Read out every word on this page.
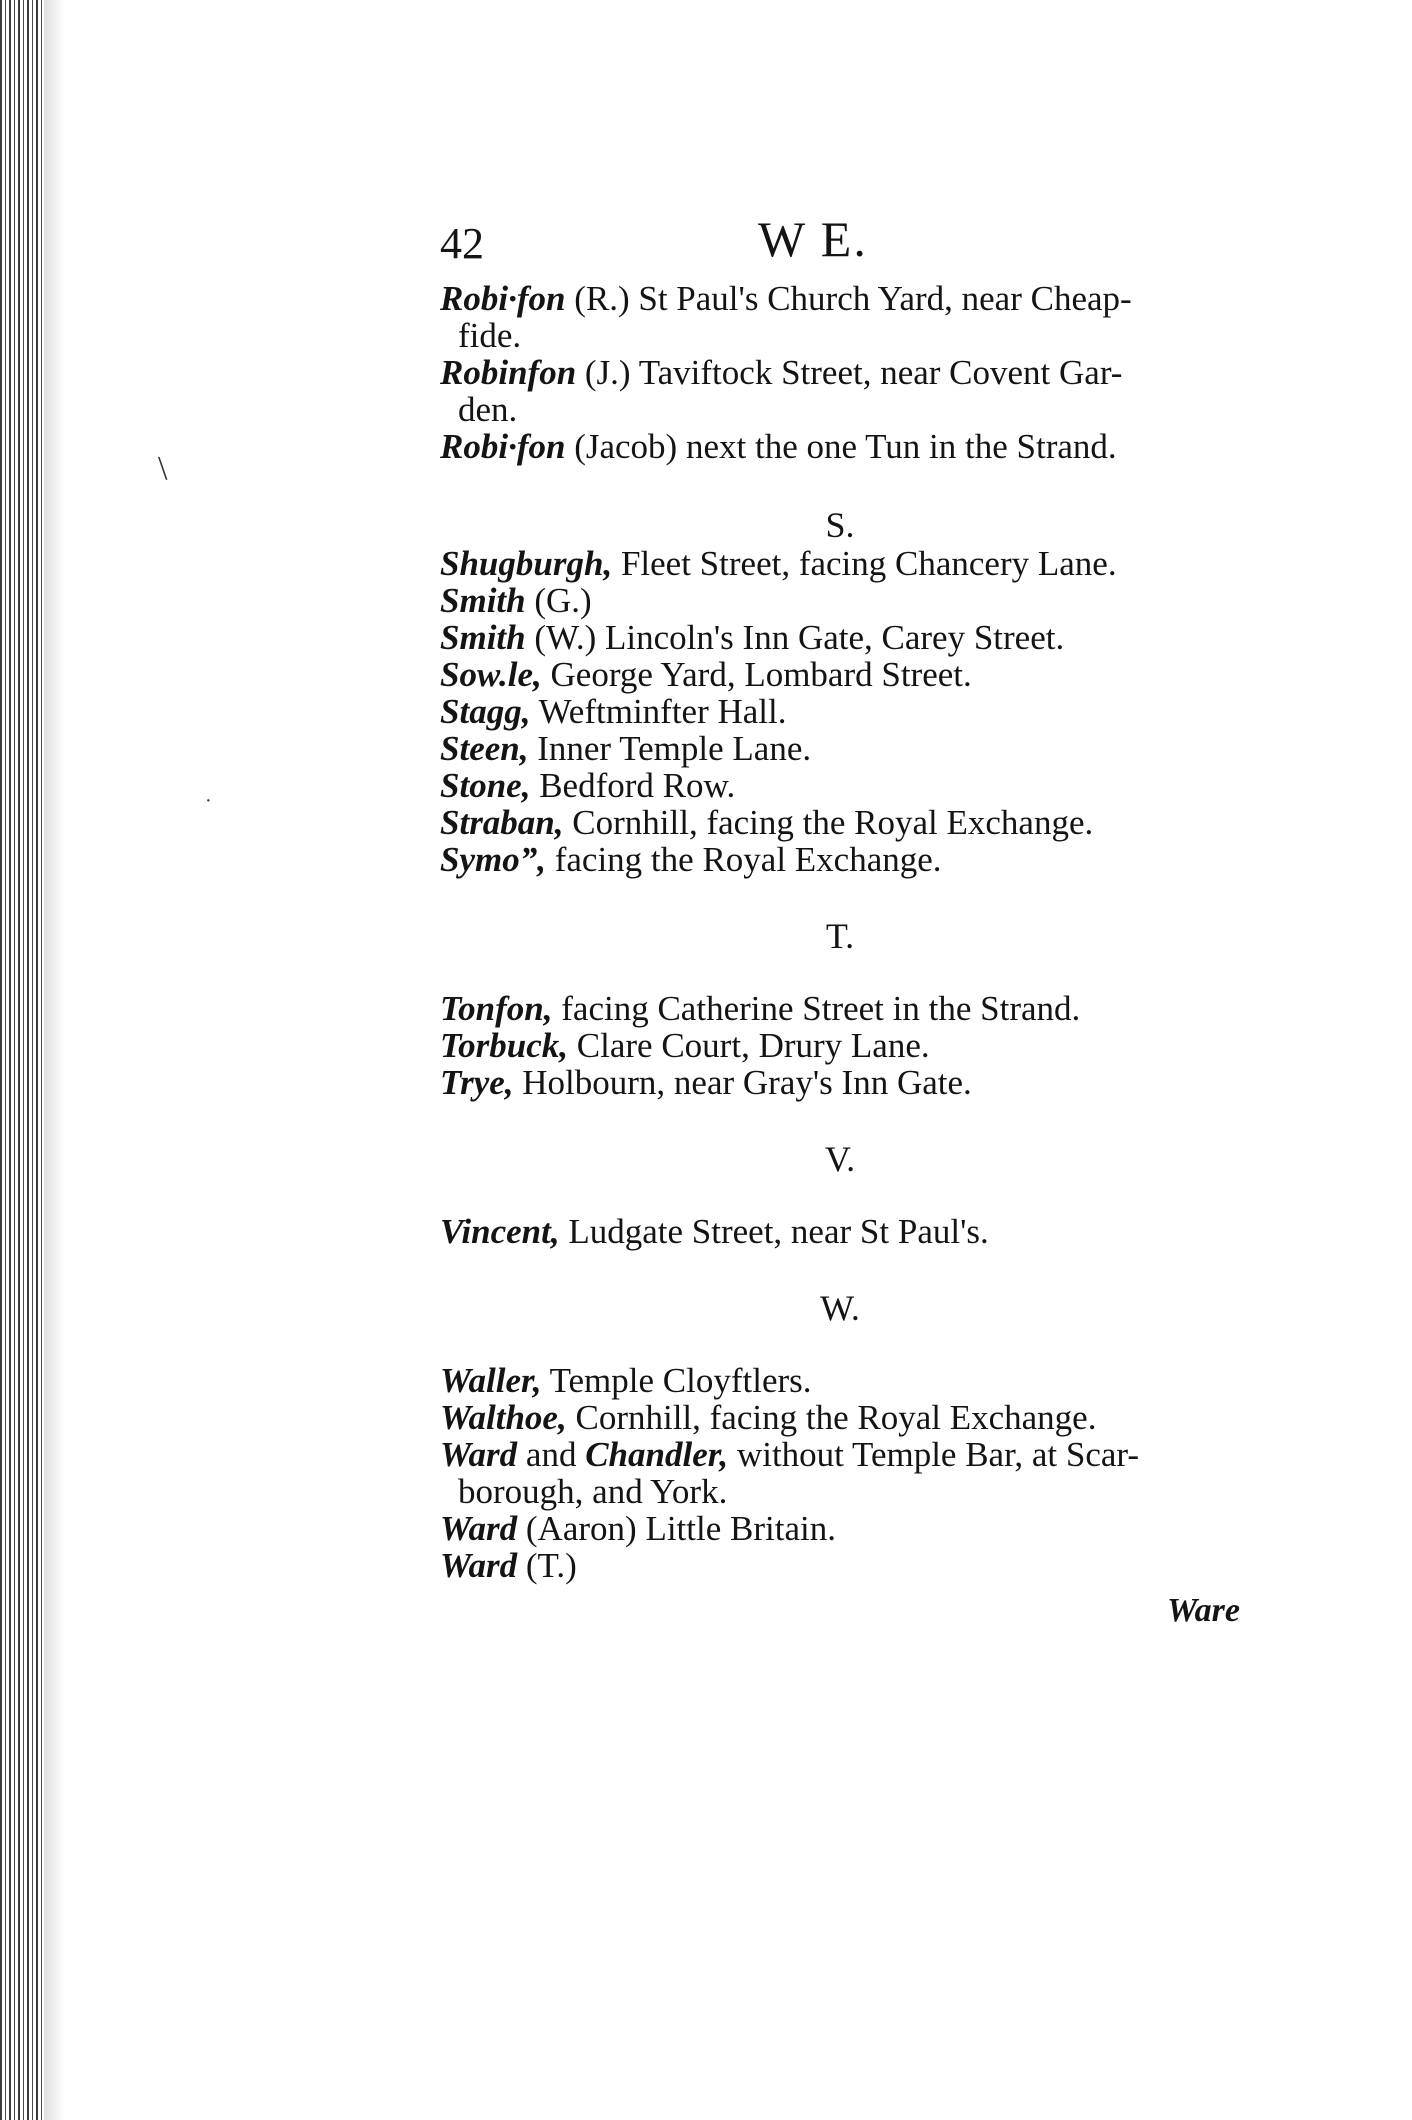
\
·
42	W E.

Robi·fon (R.) St Paul's Church Yard, near Cheap-
fide.

Robinfon (J.) Taviftock Street, near Covent Gar-
den.

Robi·fon (Jacob) next the one Tun in the Strand.

S.

Shugburgh, Fleet Street, facing Chancery Lane.

Smith (G.)

Smith (W.) Lincoln's Inn Gate, Carey Street.

Sow.le, George Yard, Lombard Street.

Stagg, Weftminfter Hall.

Steen, Inner Temple Lane.

Stone, Bedford Row.

Straban, Cornhill, facing the Royal Exchange.

Symo”, facing the Royal Exchange.

T.

Tonfon, facing Catherine Street in the Strand.

Torbuck, Clare Court, Drury Lane.

Trye, Holbourn, near Gray's Inn Gate.

V.

Vincent, Ludgate Street, near St Paul's.

W.

Waller, Temple Cloyftlers.

Walthoe, Cornhill, facing the Royal Exchange.

Ward and Chandler, without Temple Bar, at Scar-
borough, and York.

Ward (Aaron) Little Britain.

Ward (T.)

Ware
